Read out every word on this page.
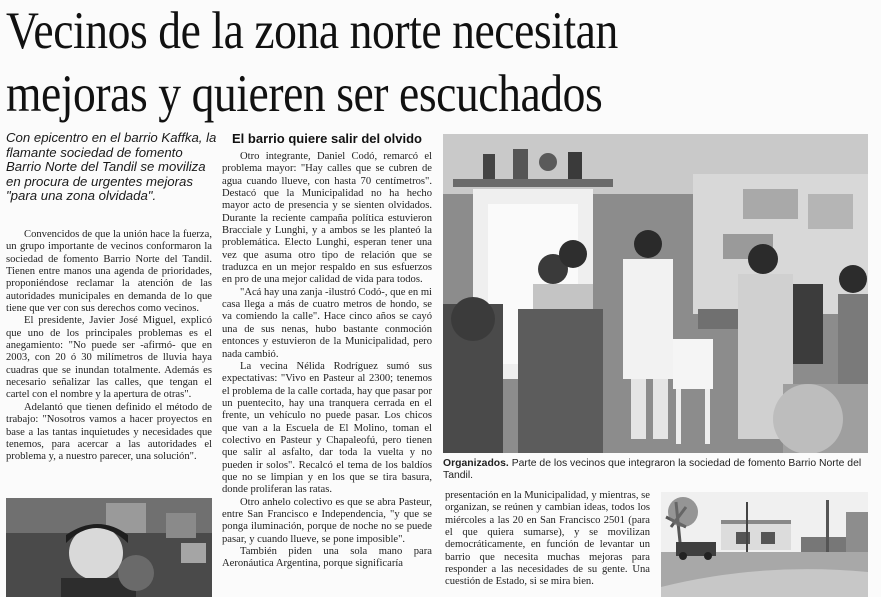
Vecinos de la zona norte necesitan
mejoras y quieren ser escuchados
Con epicentro en el barrio Kaffka, la flamante sociedad de fomento Barrio Norte del Tandil se moviliza en procura de urgentes mejoras "para una zona olvidada".

Convencidos de que la unión hace la fuerza, un grupo importante de vecinos conformaron la sociedad de fomento Barrio Norte del Tandil. Tienen entre manos una agenda de prioridades, proponiéndose reclamar la atención de las autoridades municipales en demanda de lo que tiene que ver con sus derechos como vecinos.

El presidente, Javier José Miguel, explicó que uno de los principales problemas es el anegamiento: "No puede ser -afirmó- que en 2003, con 20 ó 30 milímetros de lluvia haya cuadras que se inundan totalmente. Además es necesario señalizar las calles, que tengan el cartel con el nombre y la apertura de otras".

Adelantó que tienen definido el método de trabajo: "Nosotros vamos a hacer proyectos en base a las tantas inquietudes y necesidades que tenemos, para acercar a las autoridades el problema y, a nuestro parecer, una solución".

El barrio quiere salir del olvido

Otro integrante, Daniel Codó, remarcó el problema mayor: "Hay calles que se cubren de agua cuando llueve, con hasta 70 centímetros". Destacó que la Municipalidad no ha hecho mayor acto de presencia y se sienten olvidados. Durante la reciente campaña política estuvieron Bracciale y Lunghi, y a ambos se les planteó la problemática. Electo Lunghi, esperan tener una vez que asuma otro tipo de relación que se traduzca en un mejor respaldo en sus esfuerzos en pro de una mejor calidad de vida para todos.

"Acá hay una zanja -ilustró Codó-, que en mi casa llega a más de cuatro metros de hondo, se va comiendo la calle". Hace cinco años se cayó una de sus nenas, hubo bastante conmoción entonces y estuvieron de la Municipalidad, pero nada cambió.

La vecina Nélida Rodríguez sumó sus expectativas: "Vivo en Pasteur al 2300; tenemos el problema de la calle cortada, hay que pasar por un puentecito, hay una tranquera cerrada en el frente, un vehículo no puede pasar. Los chicos que van a la Escuela de El Molino, toman el colectivo en Pasteur y Chapaleofú, pero tienen que salir al asfalto, dar toda la vuelta y no pueden ir solos". Recalcó el tema de los baldíos que no se limpian y en los que se tira basura, donde proliferan las ratas.

Otro anhelo colectivo es que se abra Pasteur, entre San Francisco e Independencia, "y que se ponga iluminación, porque de noche no se puede pasar, y cuando llueve, se pone imposible".

También piden una sola mano para Aeronáutica Argentina, porque significaría

Organizados. Parte de los vecinos que integraron la sociedad de fomento Barrio Norte del Tandil.

presentación en la Municipalidad, y mientras, se organizan, se reúnen y cambian ideas, todos los miércoles a las 20 en San Francisco 2501 (para el que quiera sumarse), y se movilizan democráticamente, en función de levantar un barrio que necesita muchas mejoras para responder a las necesidades de su gente. Una cuestión de Estado, si se mira bien.
